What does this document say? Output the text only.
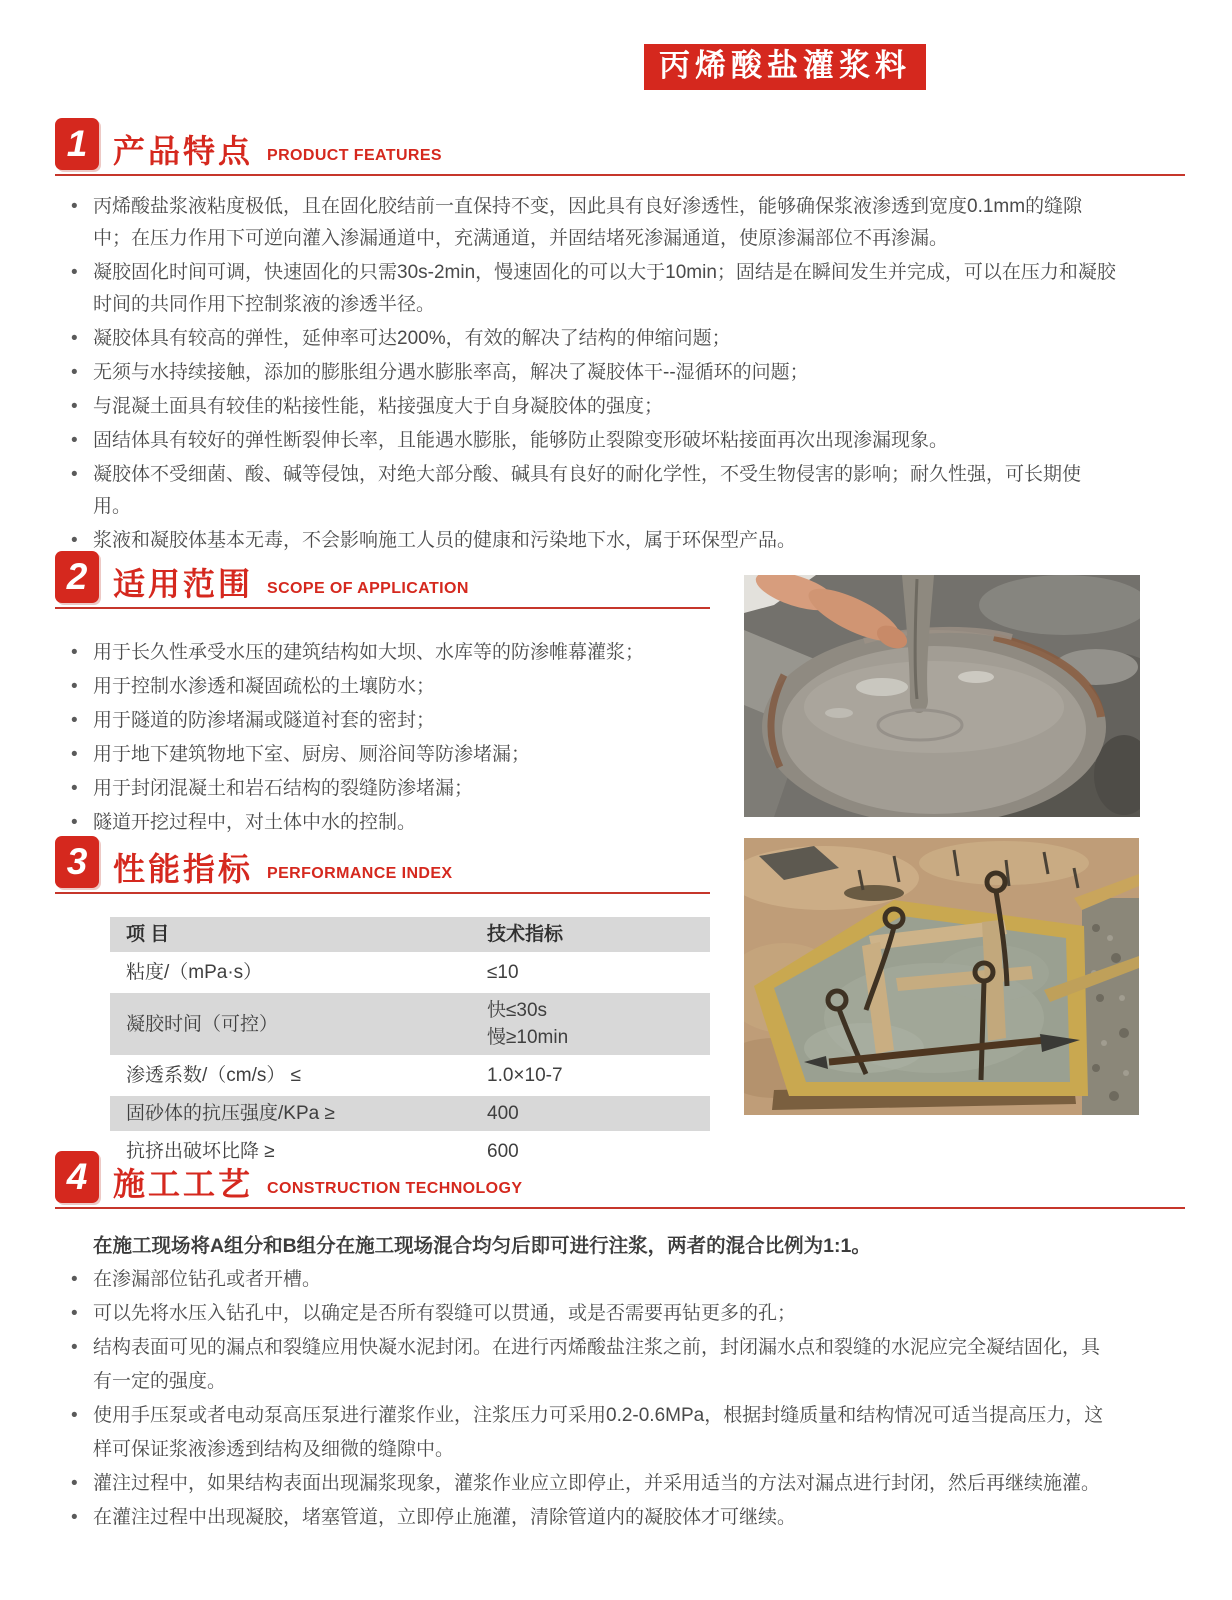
丙烯酸盐灌浆料
1 产品特点 PRODUCT FEATURES
• 丙烯酸盐浆液粘度极低，且在固化胶结前一直保持不变，因此具有良好渗透性，能够确保浆液渗透到宽度0.1mm的缝隙中；在压力作用下可逆向灌入渗漏通道中，充满通道，并固结堵死渗漏通道，使原渗漏部位不再渗漏。
• 凝胶固化时间可调，快速固化的只需30s-2min，慢速固化的可以大于10min；固结是在瞬间发生并完成，可以在压力和凝胶时间的共同作用下控制浆液的渗透半径。
• 凝胶体具有较高的弹性，延伸率可达200%，有效的解决了结构的伸缩问题；
• 无须与水持续接触，添加的膨胀组分遇水膨胀率高，解决了凝胶体干--湿循环的问题；
• 与混凝土面具有较佳的粘接性能，粘接强度大于自身凝胶体的强度；
• 固结体具有较好的弹性断裂伸长率，且能遇水膨胀，能够防止裂隙变形破坏粘接面再次出现渗漏现象。
• 凝胶体不受细菌、酸、碱等侵蚀，对绝大部分酸、碱具有良好的耐化学性，不受生物侵害的影响；耐久性强，可长期使用。
• 浆液和凝胶体基本无毒，不会影响施工人员的健康和污染地下水，属于环保型产品。
2 适用范围 SCOPE OF APPLICATION
• 用于长久性承受水压的建筑结构如大坝、水库等的防渗帷幕灌浆；
• 用于控制水渗透和凝固疏松的土壤防水；
• 用于隧道的防渗堵漏或隧道衬套的密封；
• 用于地下建筑物地下室、厨房、厕浴间等防渗堵漏；
• 用于封闭混凝土和岩石结构的裂缝防渗堵漏；
• 隧道开挖过程中，对土体中水的控制。
3 性能指标 PERFORMANCE INDEX
项 目	技术指标
粘度/（mPa·s）	≤10
凝胶时间（可控）	快≤30s
慢≥10min
渗透系数/（cm/s） ≤	1.0×10-7
固砂体的抗压强度/KPa ≥	400
抗挤出破坏比降 ≥	600
4 施工工艺 CONSTRUCTION TECHNOLOGY

在施工现场将A组分和B组分在施工现场混合均匀后即可进行注浆，两者的混合比例为1:1。

• 在渗漏部位钻孔或者开槽。
• 可以先将水压入钻孔中，以确定是否所有裂缝可以贯通，或是否需要再钻更多的孔；
• 结构表面可见的漏点和裂缝应用快凝水泥封闭。在进行丙烯酸盐注浆之前，封闭漏水点和裂缝的水泥应完全凝结固化，具有一定的强度。
• 使用手压泵或者电动泵高压泵进行灌浆作业，注浆压力可采用0.2-0.6MPa，根据封缝质量和结构情况可适当提高压力，这样可保证浆液渗透到结构及细微的缝隙中。
• 灌注过程中，如果结构表面出现漏浆现象，灌浆作业应立即停止，并采用适当的方法对漏点进行封闭，然后再继续施灌。
• 在灌注过程中出现凝胶，堵塞管道，立即停止施灌，清除管道内的凝胶体才可继续。
